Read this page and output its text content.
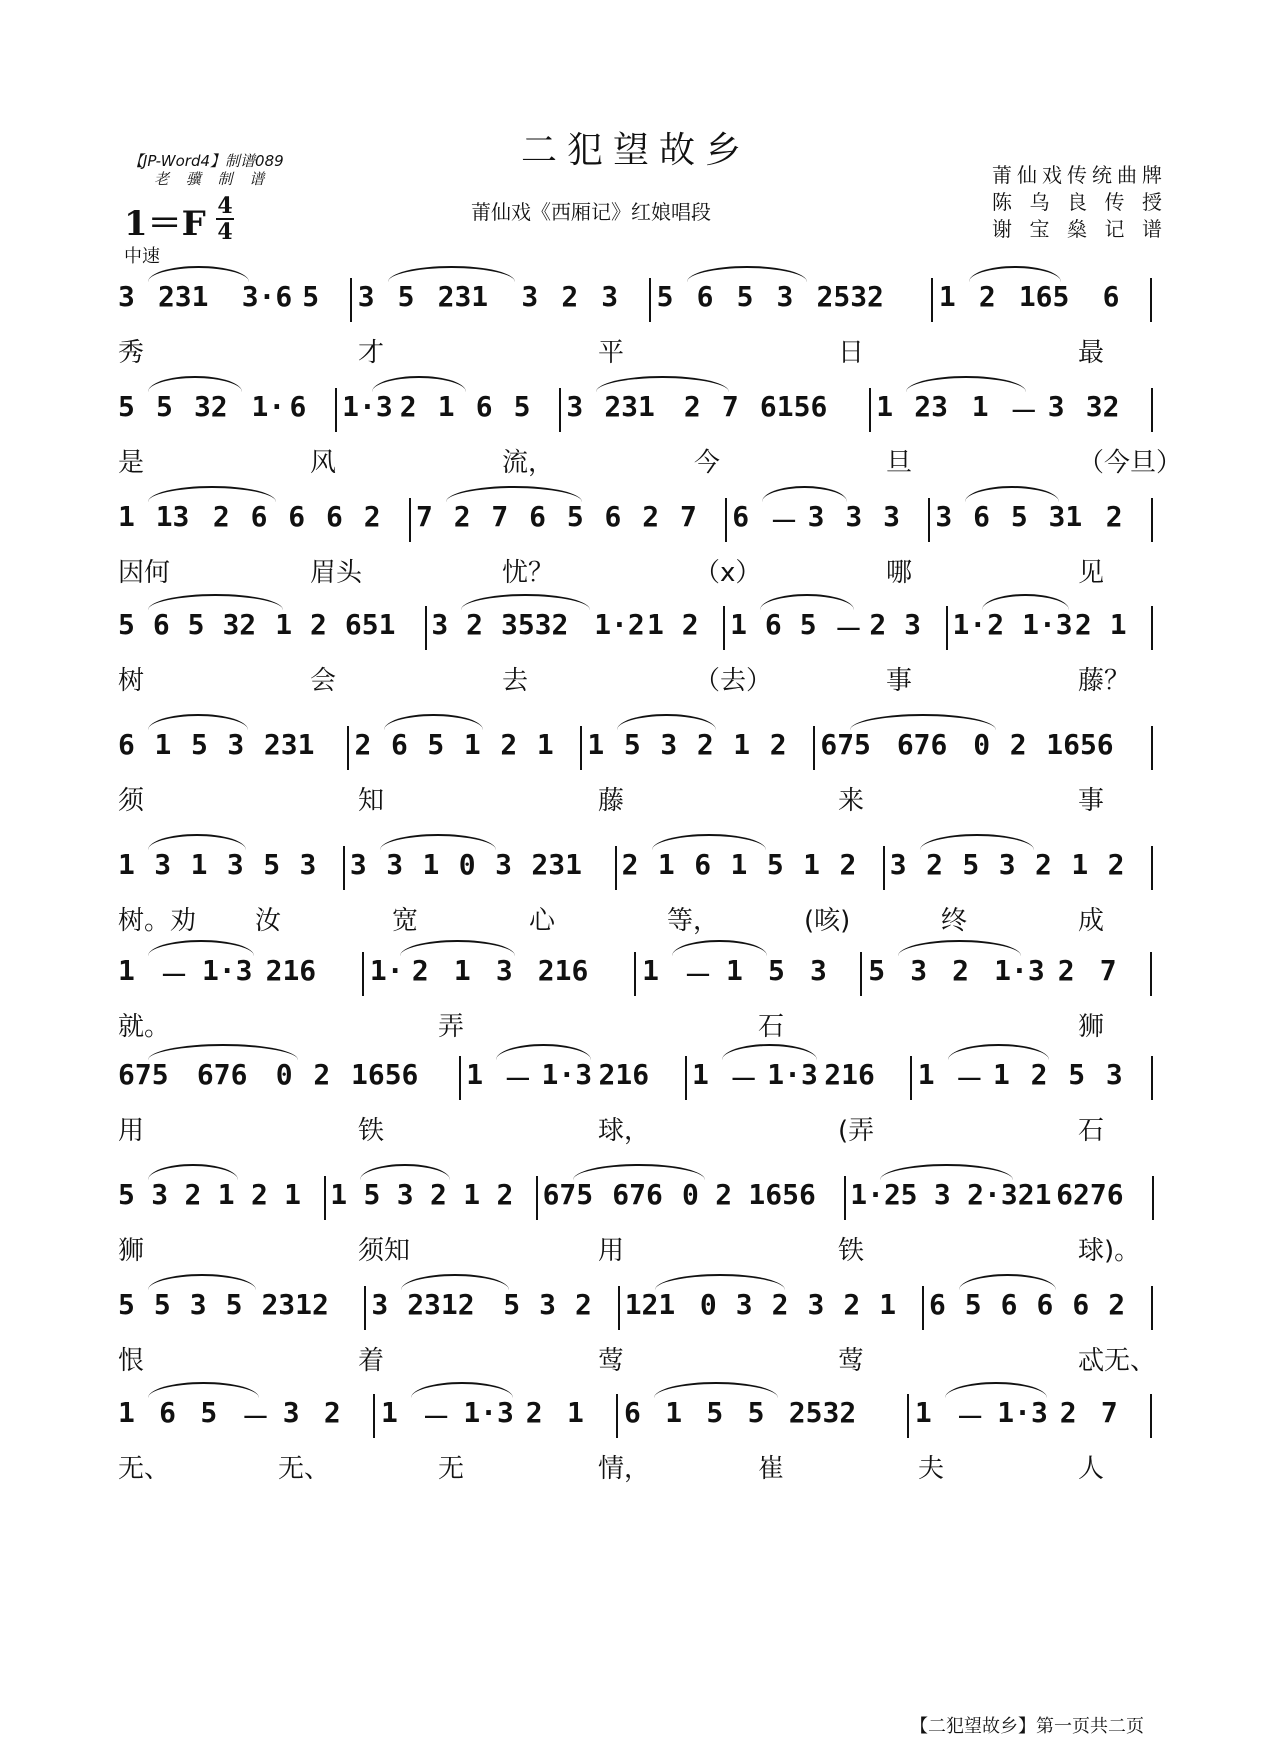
【JP-Word4】制谱089
老 骥 制 谱
二犯望故乡
莆仙戏《西厢记》红娘唱段
1＝F 4
4
中速
莆仙戏传统曲牌
陈 乌 良 传 授
谢 宝 燊 记 谱
3 231 3·6 5 3 5 231 3 2 3 5 6 5 3 2532 1 2 165 6
秀	才	平	日	最
5 5 32 1· 6 1·3 2 1 6 5 3 231 2 7 6156 1 23 1 － 3 32
是	风	流，	今	旦	（今旦）
1 13 2 6 6 6 2 7 2 7 6 5 6 2 7 6 － 3 3 3 3 6 5 31 2
因何	眉头	忧？	（x）	哪	见
5 6 5 32 1 2 651 3 2 3532 1·2 1 2 1 6 5 － 2 3 1· 2 1·3 2 1
树	会	去	（去）	事	藤？
6 1 5 3 231 2 6 5 1 2 1 1 5 3 2 1 2 675 676 0 2 1656
须	知	藤	来	事
1 3 1 3 5 3 3 3 1 0 3 231 2 1 6 1 5 1 2 3 2 5 3 2 1 2
树。劝 汝	宽	心	等，	(咳)	终	成
1 － 1·3 216 1· 2 1 3 216 1 － 1 5 3 5 3 2 1·3 2 7
就。	弄	石	狮
675 676 0 2 1656 1 － 1·3 216 1 － 1·3 216 1 － 1 2 5 3
用	铁	球，	(弄	石
5 3 2 1 2 1 1 5 3 2 1 2 675 676 0 2 1656 1·2 5 3 2·321 6276
狮	须知	用	铁	球)。
5 5 3 5 2312 3 2312 5 3 2 121 0 3 2 3 2 1 6 5 6 6 6 2
恨	着	莺	莺	忒无、
1 6 5 － 3 2 1 － 1·3 2 1 6 1 5 5 2532 1 － 1·3 2 7
无、	无、	无	情，	崔	夫	人
【二犯望故乡】第一页共二页
